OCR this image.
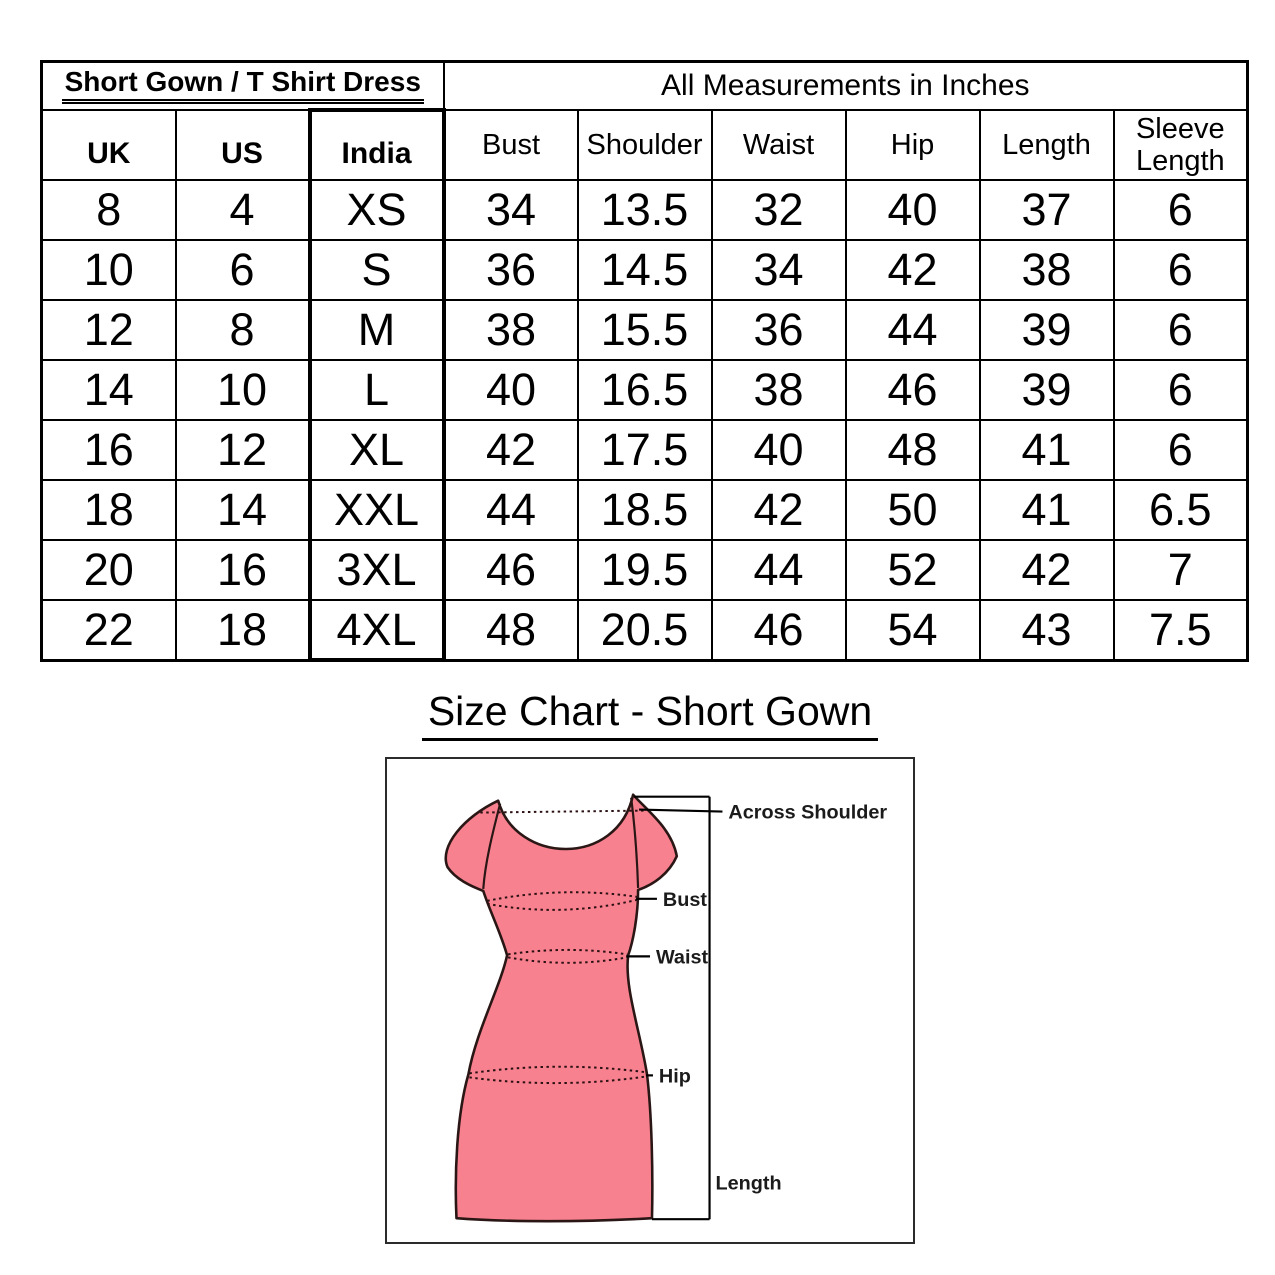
Short Gown / T Shirt Dress			All Measurements in Inches					
UK	US	India	Bust	Shoulder	Waist	Hip	Length	Sleeve Length
8	4	XS	34	13.5	32	40	37	6
10	6	S	36	14.5	34	42	38	6
12	8	M	38	15.5	36	44	39	6
14	10	L	40	16.5	38	46	39	6
16	12	XL	42	17.5	40	48	41	6
18	14	XXL	44	18.5	42	50	41	6.5
20	16	3XL	46	19.5	44	52	42	7
22	18	4XL	48	20.5	46	54	43	7.5
Size Chart - Short Gown
Across Shoulder
Bust
Waist
Hip
Length
